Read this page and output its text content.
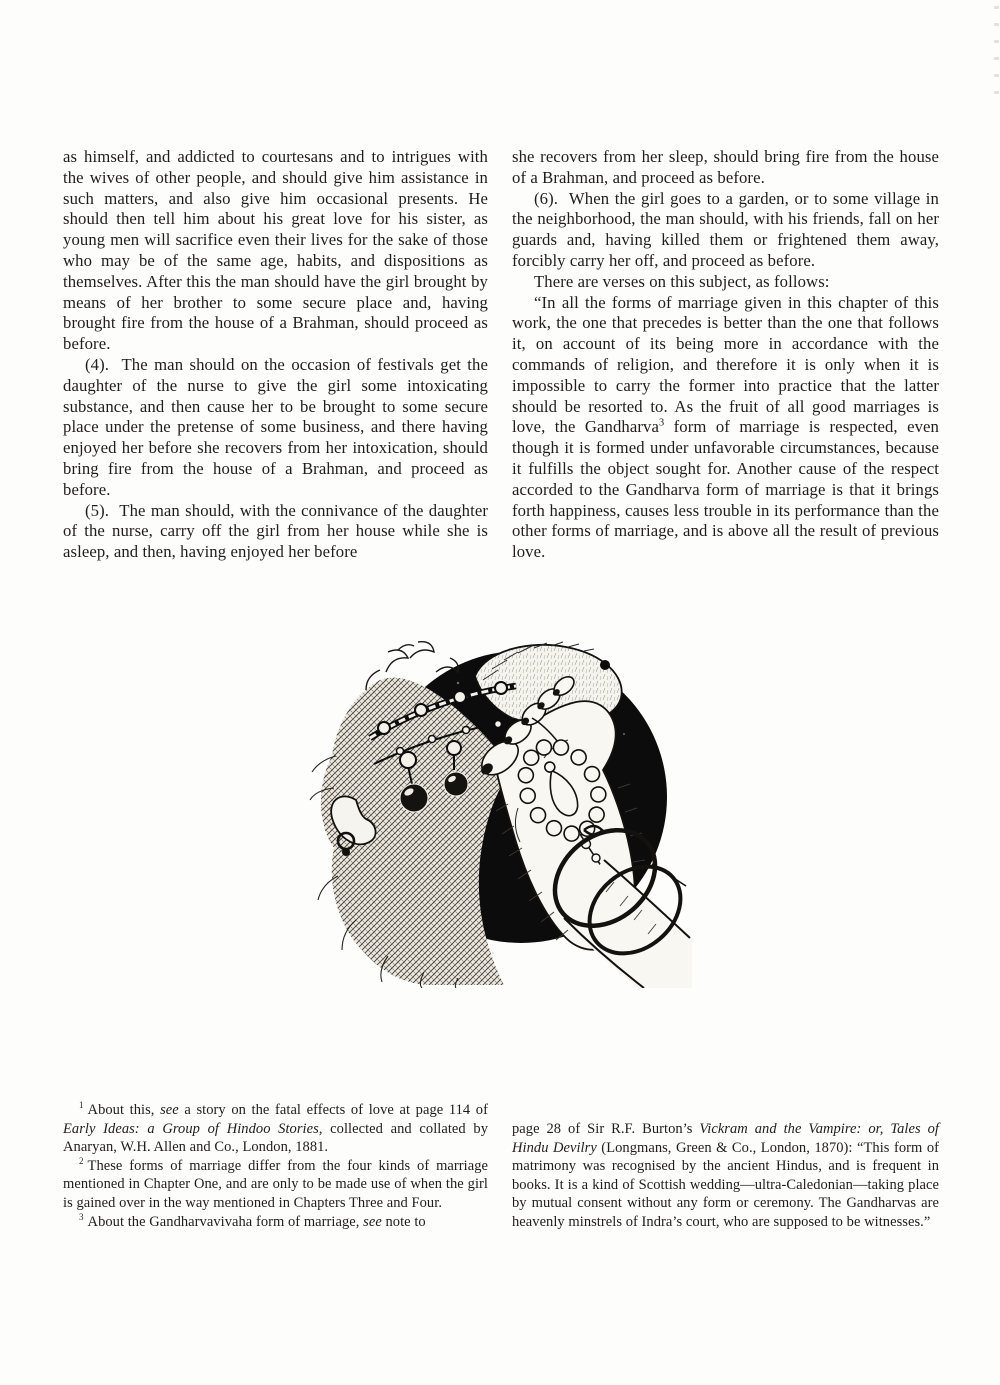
as himself, and addicted to courtesans and to intrigues with the wives of other people, and should give him assistance in such matters, and also give him occasional presents. He should then tell him about his great love for his sister, as young men will sacrifice even their lives for the sake of those who may be of the same age, habits, and dispositions as themselves. After this the man should have the girl brought by means of her brother to some secure place and, having brought fire from the house of a Brahman, should proceed as before.

(4).  The man should on the occasion of festivals get the daughter of the nurse to give the girl some intoxicating substance, and then cause her to be brought to some secure place under the pretense of some business, and there having enjoyed her before she recovers from her intoxication, should bring fire from the house of a Brahman, and proceed as before.

(5).  The man should, with the connivance of the daughter of the nurse, carry off the girl from her house while she is asleep, and then, having enjoyed her before

she recovers from her sleep, should bring fire from the house of a Brahman, and proceed as before.

(6).  When the girl goes to a garden, or to some village in the neighborhood, the man should, with his friends, fall on her guards and, having killed them or frightened them away, forcibly carry her off, and proceed as before.

There are verses on this subject, as follows:

“In all the forms of marriage given in this chapter of this work, the one that precedes is better than the one that follows it, on account of its being more in accordance with the commands of religion, and therefore it is only when it is impossible to carry the former into practice that the latter should be resorted to. As the fruit of all good marriages is love, the Gandharva$^3$ form of marriage is respected, even though it is formed under unfavorable circumstances, because it fulfills the object sought for. Another cause of the respect accorded to the Gandharva form of marriage is that it brings forth happiness, causes less trouble in its performance than the other forms of marriage, and is above all the result of previous love.

$^1$ About this, see a story on the fatal effects of love at page 114 of Early Ideas: a Group of Hindoo Stories, collected and collated by Anaryan, W.H. Allen and Co., London, 1881.

$^2$ These forms of marriage differ from the four kinds of marriage mentioned in Chapter One, and are only to be made use of when the girl is gained over in the way mentioned in Chapters Three and Four.

$^3$ About the Gandharvavivaha form of marriage, see note to

page 28 of Sir R.F. Burton’s Vickram and the Vampire: or, Tales of Hindu Devilry (Longmans, Green & Co., London, 1870): “This form of matrimony was recognised by the ancient Hindus, and is frequent in books. It is a kind of Scottish wedding—ultra-Caledonian—taking place by mutual consent without any form or ceremony. The Gandharvas are heavenly minstrels of Indra’s court, who are supposed to be witnesses.”
